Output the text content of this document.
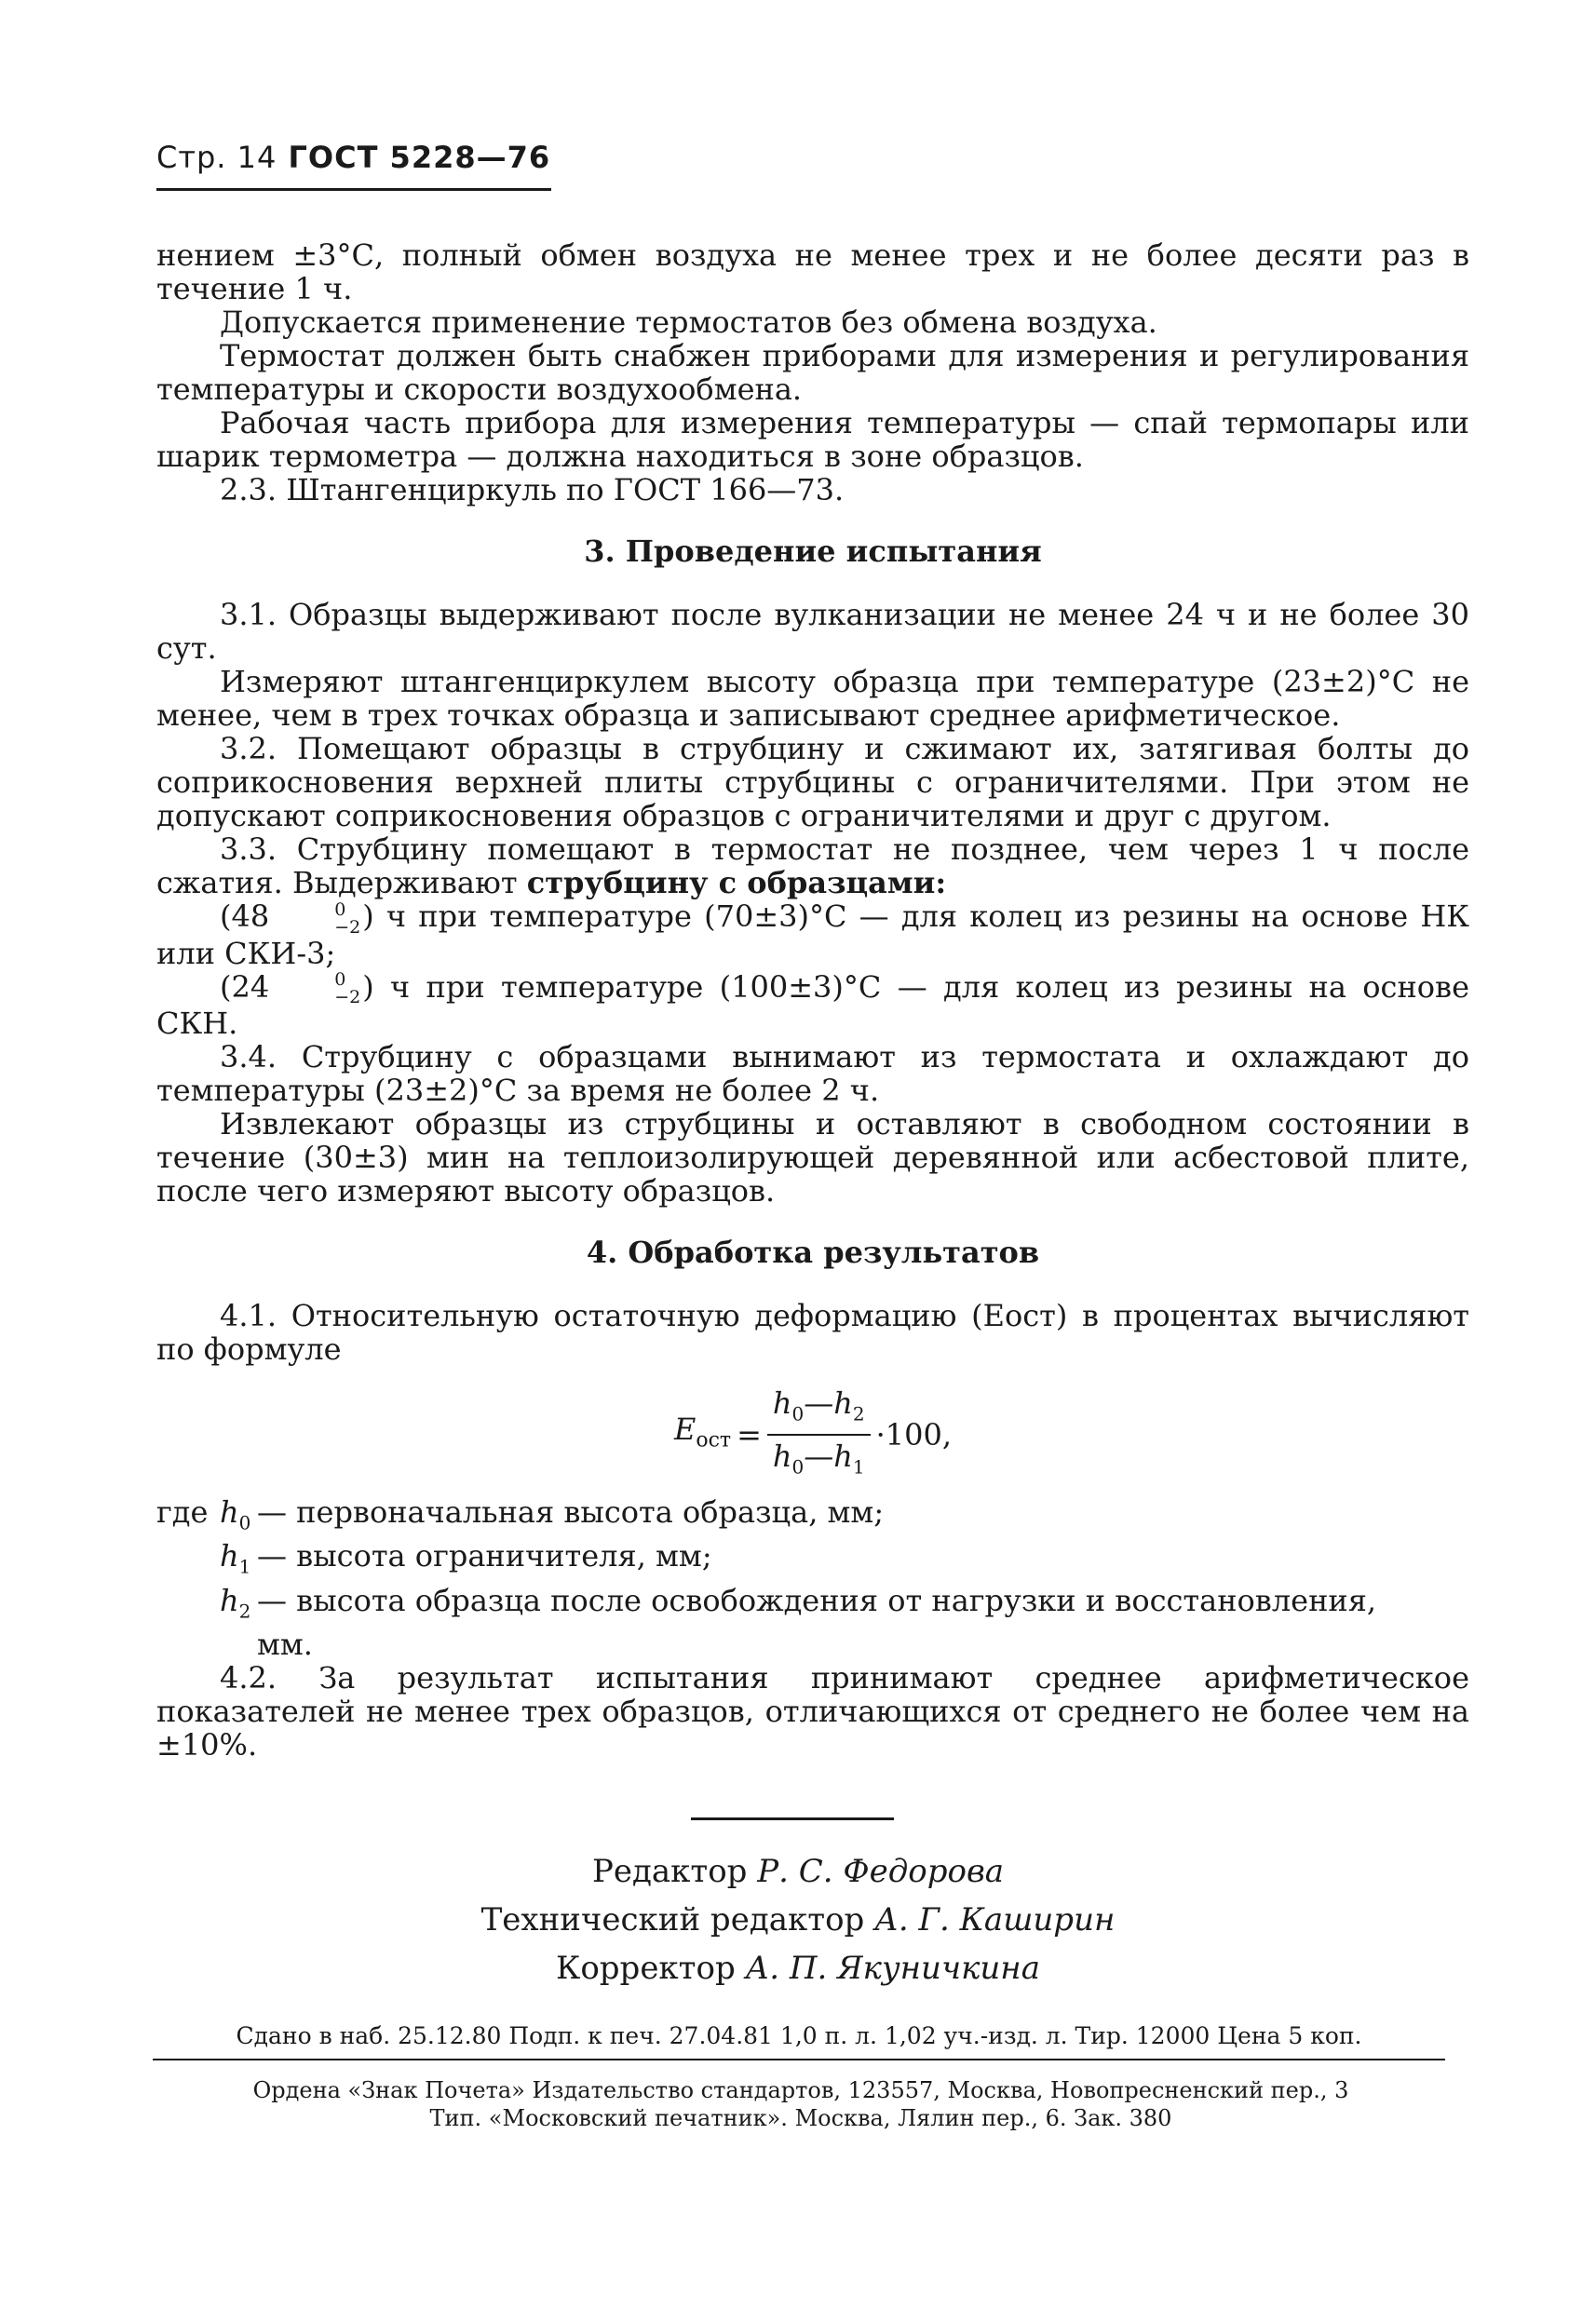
Стр. 14 ГОСТ 5228—76

нением ±3°С, полный обмен воздуха не менее трех и не более десяти раз в течение 1 ч.

Допускается применение термостатов без обмена воздуха.

Термостат должен быть снабжен приборами для измерения и регулирования температуры и скорости воздухообмена.

Рабочая часть прибора для измерения температуры — спай термопары или шарик термометра — должна находиться в зоне образцов.

2.3. Штангенциркуль по ГОСТ 166—73.

3. Проведение испытания

3.1. Образцы выдерживают после вулканизации не менее 24 ч и не более 30 сут.

Измеряют штангенциркулем высоту образца при температуре (23±2)°С не менее, чем в трех точках образца и записывают среднее арифметическое.

3.2. Помещают образцы в струбцину и сжимают их, затягивая болты до соприкосновения верхней плиты струбцины с ограничителями. При этом не допускают соприкосновения образцов с ограничителями и друг с другом.

3.3. Струбцину помещают в термостат не позднее, чем через 1 ч после сжатия. Выдерживают струбцину с образцами:

(48	0
−2 ) ч при температуре (70±3)°С — для колец из резины на основе НК или СКИ-3;

(24	0
−2 ) ч при температуре (100±3)°С — для колец из резины на основе СКН.

3.4. Струбцину с образцами вынимают из термостата и охлаждают до температуры (23±2)°С за время не более 2 ч.

Извлекают образцы из струбцины и оставляют в свободном состоянии в течение (30±3) мин на теплоизолирующей деревянной или асбестовой плите, после чего измеряют высоту образцов.

4. Обработка результатов

4.1. Относительную остаточную деформацию (Еост) в процентах вычисляют по формуле

$E_{ост} = \frac{h_0—h_2}{h_0—h_1} \cdot 100$,
где $h_0$ — первоначальная высота образца, мм;
$h_1$ — высота ограничителя, мм;
$h_2$ — высота образца после освобождения от нагрузки и восстановления,
мм.

4.2. За результат испытания принимают среднее арифметическое показателей не менее трех образцов, отличающихся от среднего не более чем на ±10%.

Редактор Р. С. Федорова
Технический редактор А. Г. Каширин
Корректор А. П. Якуничкина
Сдано в наб. 25.12.80 Подп. к печ. 27.04.81 1,0 п. л. 1,02 уч.-изд. л. Тир. 12000 Цена 5 коп.
Ордена «Знак Почета» Издательство стандартов, 123557, Москва, Новопресненский пер., 3
Тип. «Московский печатник». Москва, Лялин пер., 6. Зак. 380
